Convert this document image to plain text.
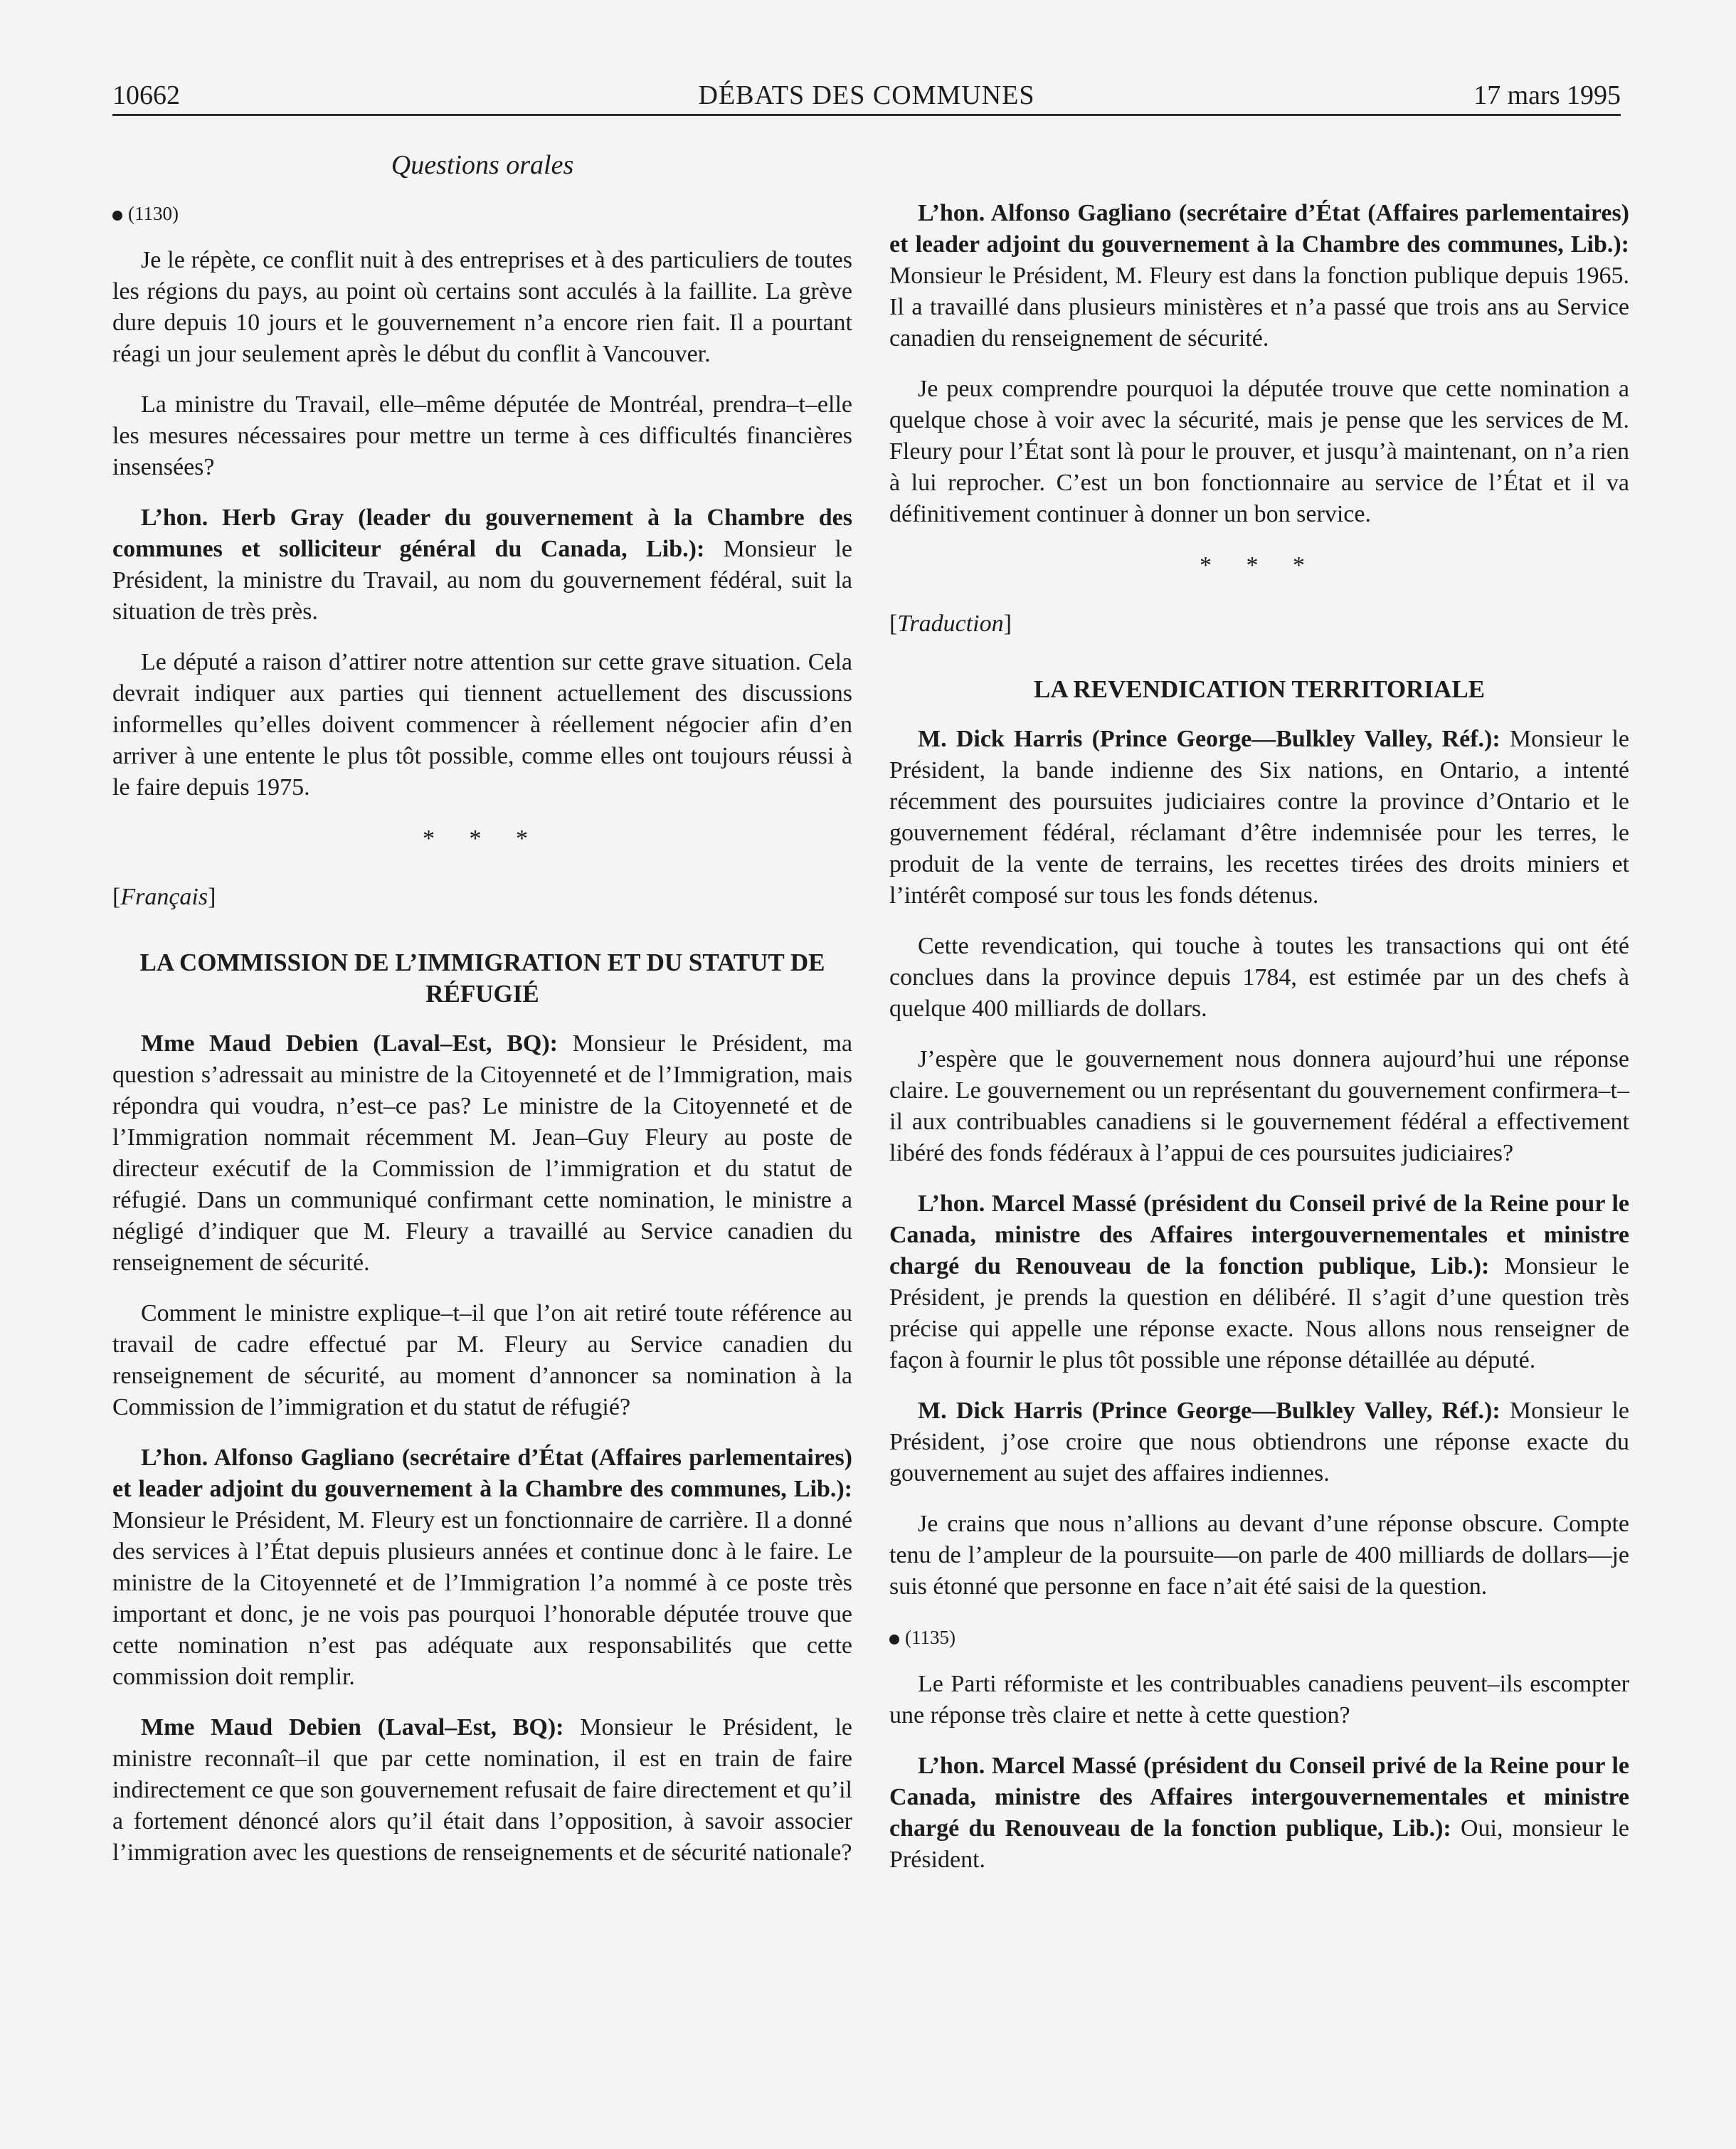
10662	DÉBATS DES COMMUNES	17 mars 1995
Questions orales
(1130)

Je le répète, ce conflit nuit à des entreprises et à des particuliers de toutes les régions du pays, au point où certains sont acculés à la faillite. La grève dure depuis 10 jours et le gouvernement n’a encore rien fait. Il a pourtant réagi un jour seulement après le début du conflit à Vancouver.

La ministre du Travail, elle–même députée de Montréal, prendra–t–elle les mesures nécessaires pour mettre un terme à ces difficultés financières insensées?

L’hon. Herb Gray (leader du gouvernement à la Chambre des communes et solliciteur général du Canada, Lib.): Monsieur le Président, la ministre du Travail, au nom du gouvernement fédéral, suit la situation de très près.

Le député a raison d’attirer notre attention sur cette grave situation. Cela devrait indiquer aux parties qui tiennent actuellement des discussions informelles qu’elles doivent commencer à réellement négocier afin d’en arriver à une entente le plus tôt possible, comme elles ont toujours réussi à le faire depuis 1975.

* * *
[Français]
LA COMMISSION DE L’IMMIGRATION ET DU STATUT DE RÉFUGIÉ

Mme Maud Debien (Laval–Est, BQ): Monsieur le Président, ma question s’adressait au ministre de la Citoyenneté et de l’Immigration, mais répondra qui voudra, n’est–ce pas? Le ministre de la Citoyenneté et de l’Immigration nommait récemment M. Jean–Guy Fleury au poste de directeur exécutif de la Commission de l’immigration et du statut de réfugié. Dans un communiqué confirmant cette nomination, le ministre a négligé d’indiquer que M. Fleury a travaillé au Service canadien du renseignement de sécurité.

Comment le ministre explique–t–il que l’on ait retiré toute référence au travail de cadre effectué par M. Fleury au Service canadien du renseignement de sécurité, au moment d’annoncer sa nomination à la Commission de l’immigration et du statut de réfugié?

L’hon. Alfonso Gagliano (secrétaire d’État (Affaires parlementaires) et leader adjoint du gouvernement à la Chambre des communes, Lib.): Monsieur le Président, M. Fleury est un fonctionnaire de carrière. Il a donné des services à l’État depuis plusieurs années et continue donc à le faire. Le ministre de la Citoyenneté et de l’Immigration l’a nommé à ce poste très important et donc, je ne vois pas pourquoi l’honorable députée trouve que cette nomination n’est pas adéquate aux responsabilités que cette commission doit remplir.

Mme Maud Debien (Laval–Est, BQ): Monsieur le Président, le ministre reconnaît–il que par cette nomination, il est en train de faire indirectement ce que son gouvernement refusait de faire directement et qu’il a fortement dénoncé alors qu’il était dans l’opposition, à savoir associer l’immigration avec les questions de renseignements et de sécurité nationale?

L’hon. Alfonso Gagliano (secrétaire d’État (Affaires parlementaires) et leader adjoint du gouvernement à la Chambre des communes, Lib.): Monsieur le Président, M. Fleury est dans la fonction publique depuis 1965. Il a travaillé dans plusieurs ministères et n’a passé que trois ans au Service canadien du renseignement de sécurité.

Je peux comprendre pourquoi la députée trouve que cette nomination a quelque chose à voir avec la sécurité, mais je pense que les services de M. Fleury pour l’État sont là pour le prouver, et jusqu’à maintenant, on n’a rien à lui reprocher. C’est un bon fonctionnaire au service de l’État et il va définitivement continuer à donner un bon service.

* * *
[Traduction]
LA REVENDICATION TERRITORIALE

M. Dick Harris (Prince George—Bulkley Valley, Réf.): Monsieur le Président, la bande indienne des Six nations, en Ontario, a intenté récemment des poursuites judiciaires contre la province d’Ontario et le gouvernement fédéral, réclamant d’être indemnisée pour les terres, le produit de la vente de terrains, les recettes tirées des droits miniers et l’intérêt composé sur tous les fonds détenus.

Cette revendication, qui touche à toutes les transactions qui ont été conclues dans la province depuis 1784, est estimée par un des chefs à quelque 400 milliards de dollars.

J’espère que le gouvernement nous donnera aujourd’hui une réponse claire. Le gouvernement ou un représentant du gouvernement confirmera–t–il aux contribuables canadiens si le gouvernement fédéral a effectivement libéré des fonds fédéraux à l’appui de ces poursuites judiciaires?

L’hon. Marcel Massé (président du Conseil privé de la Reine pour le Canada, ministre des Affaires intergouvernementales et ministre chargé du Renouveau de la fonction publique, Lib.): Monsieur le Président, je prends la question en délibéré. Il s’agit d’une question très précise qui appelle une réponse exacte. Nous allons nous renseigner de façon à fournir le plus tôt possible une réponse détaillée au député.

M. Dick Harris (Prince George—Bulkley Valley, Réf.): Monsieur le Président, j’ose croire que nous obtiendrons une réponse exacte du gouvernement au sujet des affaires indiennes.

Je crains que nous n’allions au devant d’une réponse obscure. Compte tenu de l’ampleur de la poursuite—on parle de 400 milliards de dollars—je suis étonné que personne en face n’ait été saisi de la question.

(1135)

Le Parti réformiste et les contribuables canadiens peuvent–ils escompter une réponse très claire et nette à cette question?

L’hon. Marcel Massé (président du Conseil privé de la Reine pour le Canada, ministre des Affaires intergouvernementales et ministre chargé du Renouveau de la fonction publique, Lib.): Oui, monsieur le Président.
